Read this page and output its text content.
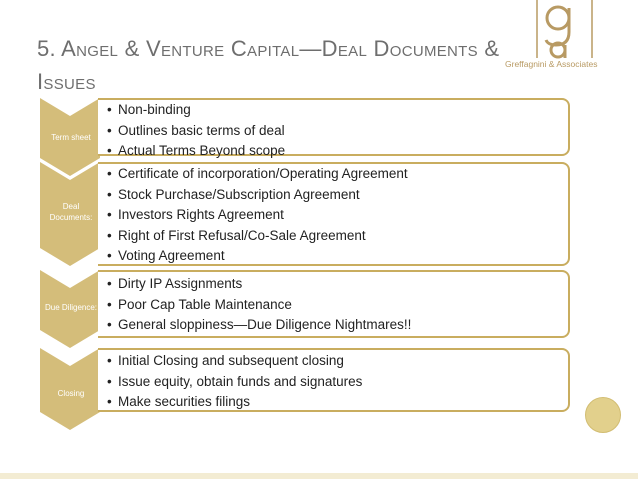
5. Angel & Venture Capital—Deal Documents & Issues
Greffagnini & Associates
Term sheet
• Non-binding
• Outlines basic terms of deal
• Actual Terms Beyond scope
Deal Documents:
• Certificate of incorporation/Operating Agreement
• Stock Purchase/Subscription Agreement
• Investors Rights Agreement
• Right of First Refusal/Co-Sale Agreement
• Voting Agreement
Due Diligence:
• Dirty IP Assignments
• Poor Cap Table Maintenance
• General sloppiness—Due Diligence Nightmares!!
Closing
• Initial Closing and subsequent closing
• Issue equity, obtain funds and signatures
• Make securities filings
